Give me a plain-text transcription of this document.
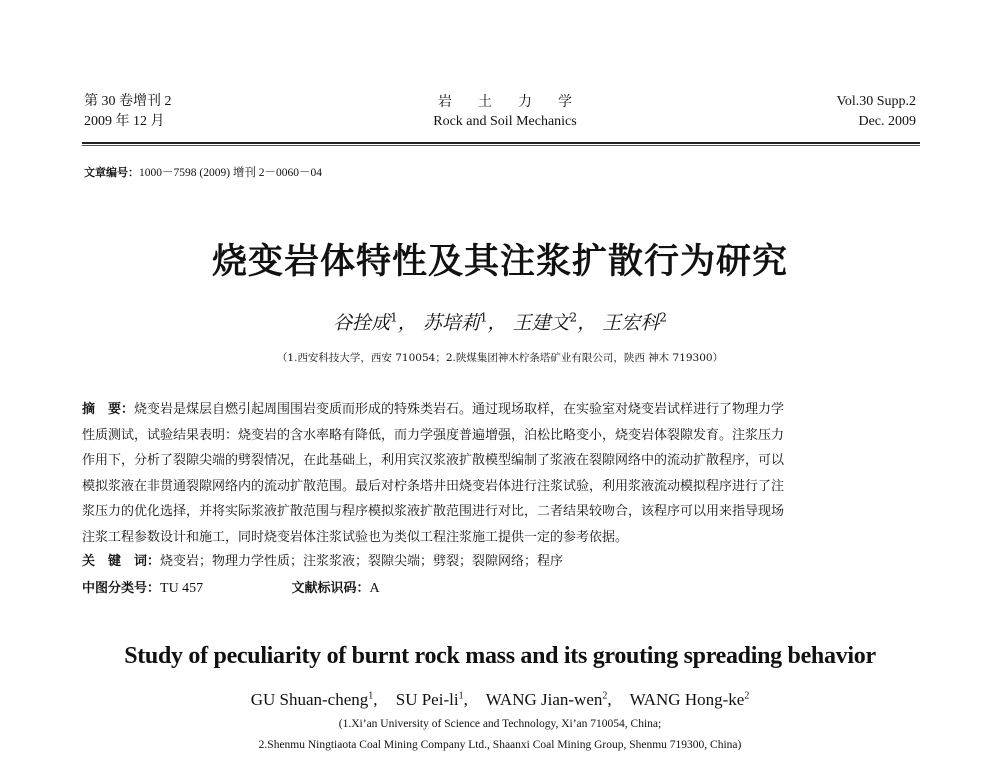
第 30 卷增刊 2
2009 年 12 月
岩土力学
Rock and Soil Mechanics
Vol.30 Supp.2
Dec. 2009
文章编号：1000－7598 (2009) 增刊 2－0060－04
烧变岩体特性及其注浆扩散行为研究
谷拴成$^1$， 苏培莉$^1$， 王建文$^2$， 王宏科$^2$
（1.西安科技大学，西安 710054；2.陕煤集团神木柠条塔矿业有限公司，陕西 神木 719300）
摘　要：烧变岩是煤层自燃引起周围围岩变质而形成的特殊类岩石。通过现场取样，在实验室对烧变岩试样进行了物理力学
性质测试，试验结果表明：烧变岩的含水率略有降低，而力学强度普遍增强，泊松比略变小，烧变岩体裂隙发育。注浆压力
作用下，分析了裂隙尖端的劈裂情况，在此基础上，利用宾汉浆液扩散模型编制了浆液在裂隙网络中的流动扩散程序，可以
模拟浆液在非贯通裂隙网络内的流动扩散范围。最后对柠条塔井田烧变岩体进行注浆试验，利用浆液流动模拟程序进行了注
浆压力的优化选择，并将实际浆液扩散范围与程序模拟浆液扩散范围进行对比，二者结果较吻合，该程序可以用来指导现场
注浆工程参数设计和施工，同时烧变岩体注浆试验也为类似工程注浆施工提供一定的参考依据。
关　键　词：烧变岩；物理力学性质；注浆浆液；裂隙尖端；劈裂；裂隙网络；程序
中图分类号：TU 457	文献标识码：A
Study of peculiarity of burnt rock mass and its grouting spreading behavior
GU Shuan-cheng$^1$, SU Pei-$li^1$, WANG Jian-wen$^2$, WANG Hong-$ke^2$
(1.Xi’an University of Science and Technology, Xi’an 710054, China;
2.Shenmu Ningtiaota Coal Mining Company Ltd., Shaanxi Coal Mining Group, Shenmu 719300, China)
